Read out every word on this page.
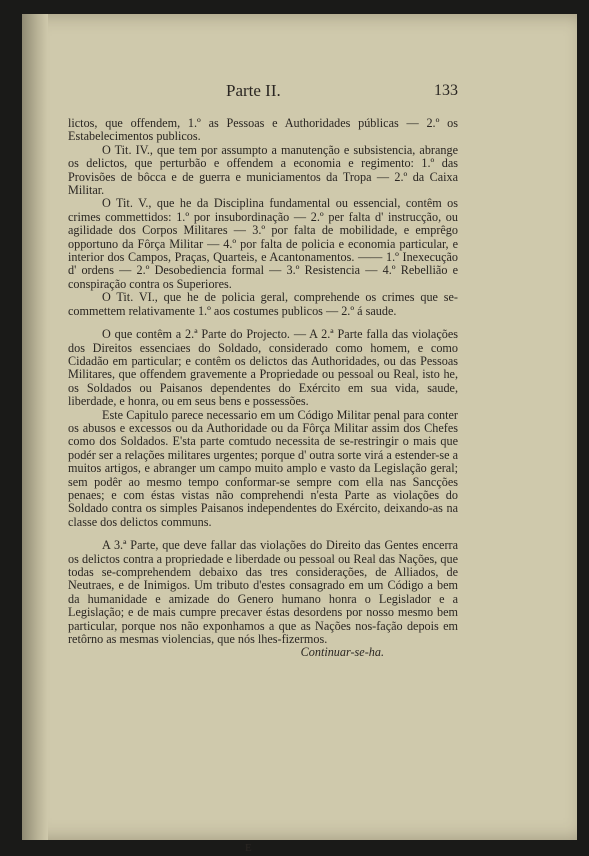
Parte II.	133

lictos, que offendem, 1.º as Pessoas e Authoridades públicas — 2.º os Estabelecimentos publicos.

O Tit. IV., que tem por assumpto a manutenção e subsistencia, abrange os delictos, que perturbão e offendem a economia e regimento: 1.º das Provisões de bôcca e de guerra e municiamentos da Tropa — 2.º da Caixa Militar.

O Tit. V., que he da Disciplina fundamental ou essencial, contêm os crimes commettidos: 1.º por insubordinação — 2.º per falta d' instrucção, ou agilidade dos Corpos Militares — 3.º por falta de mobilidade, e emprêgo opportuno da Fôrça Militar — 4.º por falta de policia e economia particular, e interior dos Campos, Praças, Quarteis, e Acantonamentos. —— 1.º Inexecução d' ordens — 2.º Desobediencia formal — 3.º Resistencia — 4.º Rebellião e conspiração contra os Superiores.

O Tit. VI., que he de policia geral, comprehende os crimes que se-commettem relativamente 1.º aos costumes publicos — 2.º á saude.

O que contêm a 2.ª Parte do Projecto. — A 2.ª Parte falla das violações dos Direitos essenciaes do Soldado, considerado como homem, e como Cidadão em particular; e contêm os delictos das Authoridades, ou das Pessoas Militares, que offendem gravemente a Propriedade ou pessoal ou Real, isto he, os Soldados ou Paisanos dependentes do Exército em sua vida, saude, liberdade, e honra, ou em seus bens e possessões.

Este Capitulo parece necessario em um Código Militar penal para conter os abusos e excessos ou da Authoridade ou da Fôrça Militar assim dos Chefes como dos Soldados. E'sta parte comtudo necessita de se-restringir o mais que podér ser a relações militares urgentes; porque d' outra sorte virá a estender-se a muitos artigos, e abranger um campo muito amplo e vasto da Legislação geral; sem podêr ao mesmo tempo conformar-se sempre com ella nas Sancções penaes; e com éstas vistas não comprehendi n'esta Parte as violações do Soldado contra os simples Paisanos independentes do Exército, deixando-as na classe dos delictos communs.

A 3.ª Parte, que deve fallar das violações do Direito das Gentes encerra os delictos contra a propriedade e liberdade ou pessoal ou Real das Nações, que todas se-comprehendem debaixo das tres considerações, de Alliados, de Neutraes, e de Inimigos. Um tributo d'estes consagrado em um Código a bem da humanidade e amizade do Genero humano honra o Legislador e a Legislação; e de mais cumpre precaver éstas desordens por nosso mesmo bem particular, porque nos não exponhamos a que as Nações nos-fação depois em retôrno as mesmas violencias, que nós lhes-fizermos.

Continuar-se-ha.

E
